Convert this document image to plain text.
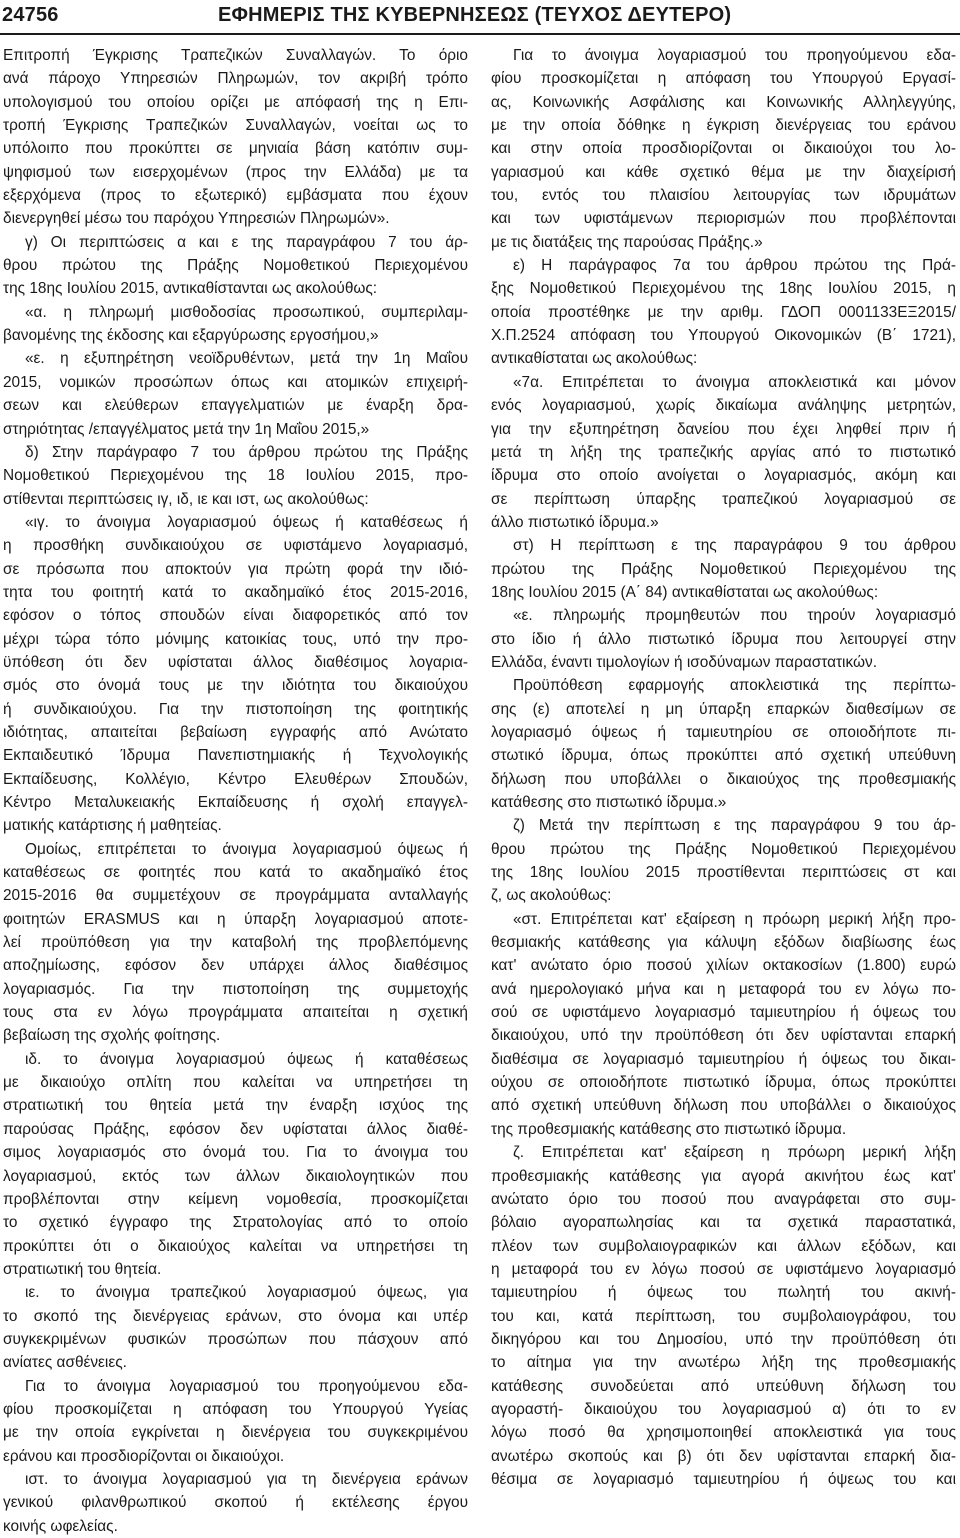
24756	ΕΦΗΜΕΡΙΣ ΤΗΣ ΚΥΒΕΡΝΗΣΕΩΣ (ΤΕΥΧΟΣ ΔΕΥΤΕΡΟ)
Επιτροπή Έγκρισης Τραπεζικών Συναλλαγών. Το όριο
ανά πάροχο Υπηρεσιών Πληρωμών, τον ακριβή τρόπο
υπολογισμού του οποίου ορίζει με απόφασή της η Επι-
τροπή Έγκρισης Τραπεζικών Συναλλαγών, νοείται ως το
υπόλοιπο που προκύπτει σε μηνιαία βάση κατόπιν συμ-
ψηφισμού των εισερχομένων (προς την Ελλάδα) με τα
εξερχόμενα (προς το εξωτερικό) εμβάσματα που έχουν
διενεργηθεί μέσω του παρόχου Υπηρεσιών Πληρωμών».
γ) Οι περιπτώσεις α και ε της παραγράφου 7 του άρ-
θρου πρώτου της Πράξης Νομοθετικού Περιεχομένου
της 18ης Ιουλίου 2015, αντικαθίστανται ως ακολούθως:
«α. η πληρωμή μισθοδοσίας προσωπικού, συμπεριλαμ-
βανομένης της έκδοσης και εξαργύρωσης εργοσήμου,»
«ε. η εξυπηρέτηση νεοϊδρυθέντων, μετά την 1η Μαΐου
2015, νομικών προσώπων όπως και ατομικών επιχειρή-
σεων και ελεύθερων επαγγελματιών με έναρξη δρα-
στηριότητας /επαγγέλματος μετά την 1η Μαΐου 2015,»
δ) Στην παράγραφο 7 του άρθρου πρώτου της Πράξης
Νομοθετικού Περιεχομένου της 18 Ιουλίου 2015, προ-
στίθενται περιπτώσεις ιγ, ιδ, ιε και ιστ, ως ακολούθως:
«ιγ. το άνοιγμα λογαριασμού όψεως ή καταθέσεως ή
η προσθήκη συνδικαιούχου σε υφιστάμενο λογαριασμό,
σε πρόσωπα που αποκτούν για πρώτη φορά την ιδιό-
τητα του φοιτητή κατά το ακαδημαϊκό έτος 2015-2016,
εφόσον ο τόπος σπουδών είναι διαφορετικός από τον
μέχρι τώρα τόπο μόνιμης κατοικίας τους, υπό την προ-
ϋπόθεση ότι δεν υφίσταται άλλος διαθέσιμος λογαρια-
σμός στο όνομά τους με την ιδιότητα του δικαιούχου
ή συνδικαιούχου. Για την πιστοποίηση της φοιτητικής
ιδιότητας, απαιτείται βεβαίωση εγγραφής από Ανώτατο
Εκπαιδευτικό Ίδρυμα Πανεπιστημιακής ή Τεχνολογικής
Εκπαίδευσης, Κολλέγιο, Κέντρο Ελευθέρων Σπουδών,
Κέντρο Μεταλυκειακής Εκπαίδευσης ή σχολή επαγγελ-
ματικής κατάρτισης ή μαθητείας.
Ομοίως, επιτρέπεται το άνοιγμα λογαριασμού όψεως ή
καταθέσεως σε φοιτητές που κατά το ακαδημαϊκό έτος
2015-2016 θα συμμετέχουν σε προγράμματα ανταλλαγής
φοιτητών ERASMUS και η ύπαρξη λογαριασμού αποτε-
λεί προϋπόθεση για την καταβολή της προβλεπόμενης
αποζημίωσης, εφόσον δεν υπάρχει άλλος διαθέσιμος
λογαριασμός. Για την πιστοποίηση της συμμετοχής
τους στα εν λόγω προγράμματα απαιτείται η σχετική
βεβαίωση της σχολής φοίτησης.
ιδ. το άνοιγμα λογαριασμού όψεως ή καταθέσεως
με δικαιούχο οπλίτη που καλείται να υπηρετήσει τη
στρατιωτική του θητεία μετά την έναρξη ισχύος της
παρούσας Πράξης, εφόσον δεν υφίσταται άλλος διαθέ-
σιμος λογαριασμός στο όνομά του. Για το άνοιγμα του
λογαριασμού, εκτός των άλλων δικαιολογητικών που
προβλέπονται στην κείμενη νομοθεσία, προσκομίζεται
το σχετικό έγγραφο της Στρατολογίας από το οποίο
προκύπτει ότι ο δικαιούχος καλείται να υπηρετήσει τη
στρατιωτική του θητεία.
ιε. το άνοιγμα τραπεζικού λογαριασμού όψεως, για
το σκοπό της διενέργειας εράνων, στο όνομα και υπέρ
συγκεκριμένων φυσικών προσώπων που πάσχουν από
ανίατες ασθένειες.
Για το άνοιγμα λογαριασμού του προηγούμενου εδα-
φίου προσκομίζεται η απόφαση του Υπουργού Υγείας
με την οποία εγκρίνεται η διενέργεια του συγκεκριμένου
εράνου και προσδιορίζονται οι δικαιούχοι.
ιστ. το άνοιγμα λογαριασμού για τη διενέργεια εράνων
γενικού φιλανθρωπικού σκοπού ή εκτέλεσης έργου
κοινής ωφελείας.
Για το άνοιγμα λογαριασμού του προηγούμενου εδα-
φίου προσκομίζεται η απόφαση του Υπουργού Εργασί-
ας, Κοινωνικής Ασφάλισης και Κοινωνικής Αλληλεγγύης,
με την οποία δόθηκε η έγκριση διενέργειας του εράνου
και στην οποία προσδιορίζονται οι δικαιούχοι του λο-
γαριασμού και κάθε σχετικό θέμα με την διαχείρισή
του, εντός του πλαισίου λειτουργίας των ιδρυμάτων
και των υφιστάμενων περιορισμών που προβλέπονται
με τις διατάξεις της παρούσας Πράξης.»
ε) Η παράγραφος 7α του άρθρου πρώτου της Πρά-
ξης Νομοθετικού Περιεχομένου της 18ης Ιουλίου 2015, η
οποία προστέθηκε με την αριθμ. ΓΔΟΠ 0001133ΕΞ2015/
Χ.Π.2524 απόφαση του Υπουργού Οικονομικών (Β΄ 1721),
αντικαθίσταται ως ακολούθως:
«7α. Επιτρέπεται το άνοιγμα αποκλειστικά και μόνον
ενός λογαριασμού, χωρίς δικαίωμα ανάληψης μετρητών,
για την εξυπηρέτηση δανείου που έχει ληφθεί πριν ή
μετά τη λήξη της τραπεζικής αργίας από το πιστωτικό
ίδρυμα στο οποίο ανοίγεται ο λογαριασμός, ακόμη και
σε περίπτωση ύπαρξης τραπεζικού λογαριασμού σε
άλλο πιστωτικό ίδρυμα.»
στ) Η περίπτωση ε της παραγράφου 9 του άρθρου
πρώτου της Πράξης Νομοθετικού Περιεχομένου της
18ης Ιουλίου 2015 (Α΄ 84) αντικαθίσταται ως ακολούθως:
«ε. πληρωμής προμηθευτών που τηρούν λογαριασμό
στο ίδιο ή άλλο πιστωτικό ίδρυμα που λειτουργεί στην
Ελλάδα, έναντι τιμολογίων ή ισοδύναμων παραστατικών.
Προϋπόθεση εφαρμογής αποκλειστικά της περίπτω-
σης (ε) αποτελεί η μη ύπαρξη επαρκών διαθεσίμων σε
λογαριασμό όψεως ή ταμιευτηρίου σε οποιοδήποτε πι-
στωτικό ίδρυμα, όπως προκύπτει από σχετική υπεύθυνη
δήλωση που υποβάλλει ο δικαιούχος της προθεσμιακής
κατάθεσης στο πιστωτικό ίδρυμα.»
ζ) Μετά την περίπτωση ε της παραγράφου 9 του άρ-
θρου πρώτου της Πράξης Νομοθετικού Περιεχομένου
της 18ης Ιουλίου 2015 προστίθενται περιπτώσεις στ και
ζ, ως ακολούθως:
«στ. Επιτρέπεται κατ' εξαίρεση η πρόωρη μερική λήξη προ-
θεσμιακής κατάθεσης για κάλυψη εξόδων διαβίωσης έως
κατ' ανώτατο όριο ποσού χιλίων οκτακοσίων (1.800) ευρώ
ανά ημερολογιακό μήνα και η μεταφορά του εν λόγω πο-
σού σε υφιστάμενο λογαριασμό ταμιευτηρίου ή όψεως του
δικαιούχου, υπό την προϋπόθεση ότι δεν υφίστανται επαρκή
διαθέσιμα σε λογαριασμό ταμιευτηρίου ή όψεως του δικαι-
ούχου σε οποιοδήποτε πιστωτικό ίδρυμα, όπως προκύπτει
από σχετική υπεύθυνη δήλωση που υποβάλλει ο δικαιούχος
της προθεσμιακής κατάθεσης στο πιστωτικό ίδρυμα.
ζ. Επιτρέπεται κατ' εξαίρεση η πρόωρη μερική λήξη
προθεσμιακής κατάθεσης για αγορά ακινήτου έως κατ'
ανώτατο όριο του ποσού που αναγράφεται στο συμ-
βόλαιο αγοραπωλησίας και τα σχετικά παραστατικά,
πλέον των συμβολαιογραφικών και άλλων εξόδων, και
η μεταφορά του εν λόγω ποσού σε υφιστάμενο λογαριασμό
ταμιευτηρίου ή όψεως του πωλητή του ακινή-
του και, κατά περίπτωση, του συμβολαιογράφου, του
δικηγόρου και του Δημοσίου, υπό την προϋπόθεση ότι
το αίτημα για την ανωτέρω λήξη της προθεσμιακής
κατάθεσης συνοδεύεται από υπεύθυνη δήλωση του
αγοραστή- δικαιούχου του λογαριασμού α) ότι το εν
λόγω ποσό θα χρησιμοποιηθεί αποκλειστικά για τους
ανωτέρω σκοπούς και β) ότι δεν υφίστανται επαρκή δια-
θέσιμα σε λογαριασμό ταμιευτηρίου ή όψεως του και
